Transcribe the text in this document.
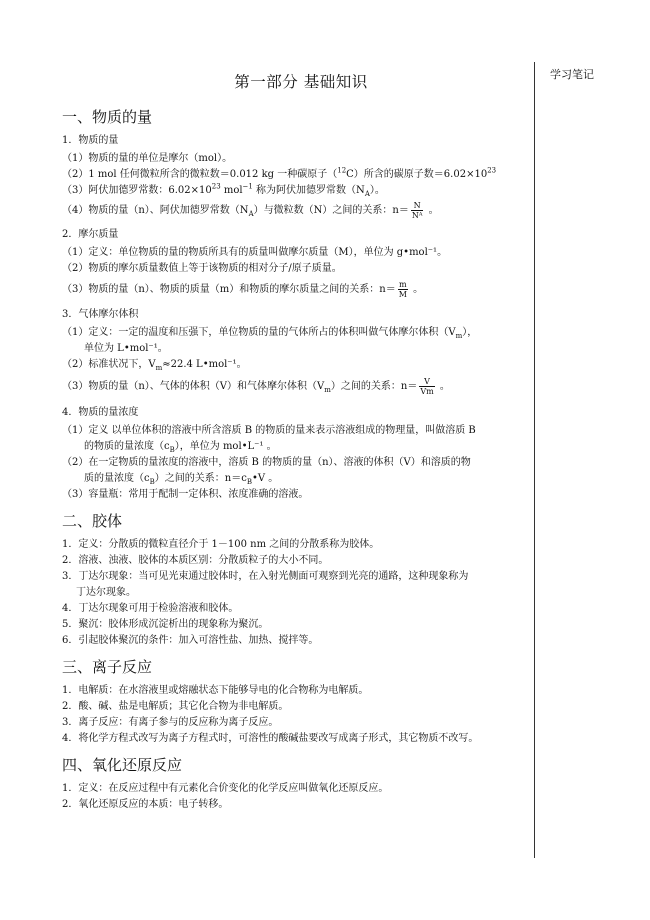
学习笔记
第一部分 基础知识
一、物质的量
1．物质的量
（1）物质的量的单位是摩尔（mol）。
（2）1 mol 任何微粒所含的微粒数＝0.012 kg 一种碳原子（$^{12}$C）所含的碳原子数$=6.02\times 10^{23}$
（3）阿伏加德罗常数：$6.02\times 10^{23}$ mol$^{-1}$ 称为阿伏加德罗常数$(N_A)$。
（4）物质的量（n）、阿伏加德罗常数$(N_A)$与微粒数（N）之间的关系：$n= \frac{N}{\text{Nᴬ}}$ 。
2．摩尔质量
（1）定义：单位物质的量的物质所具有的质量叫做摩尔质量（M），单位为 g•mol⁻¹。
（2）物质的摩尔质量数值上等于该物质的相对分子/原子质量。
（3）物质的量（n）、物质的质量（m）和物质的摩尔质量之间的关系：$n= \frac{m}{M}$ 。
3．气体摩尔体积
（1）定义：一定的温度和压强下，单位物质的量的气体所占的体积叫做气体摩尔体积$(V_m)$，
单位为 L•mol⁻¹。
（2）标准状况下，$V_m\approx 22.4$ L•mol⁻¹。
（3）物质的量（n）、气体的体积（V）和气体摩尔体积$(V_m)$之间的关系：$n= \frac{V}{Vm}$ 。
4．物质的量浓度
（1）定义 以单位体积的溶液中所含溶质 B 的物质的量来表示溶液组成的物理量，叫做溶质 B
的物质的量浓度$(c_B)$，单位为 mol•L⁻¹ 。
（2）在一定物质的量浓度的溶液中，溶质 B 的物质的量（n）、溶液的体积（V）和溶质的物
质的量浓度$(c_B)$之间的关系：$n=c_B•V$ 。
（3）容量瓶：常用于配制一定体积、浓度准确的溶液。
二、胶体
1．定义：分散质的微粒直径介于 1－100 nm 之间的分散系称为胶体。
2．溶液、浊液、胶体的本质区别：分散质粒子的大小不同。
3．丁达尔现象：当可见光束通过胶体时，在入射光侧面可观察到光亮的通路，这种现象称为
丁达尔现象。
4．丁达尔现象可用于检验溶液和胶体。
5．聚沉：胶体形成沉淀析出的现象称为聚沉。
6．引起胶体聚沉的条件：加入可溶性盐、加热、搅拌等。
三、离子反应
1．电解质：在水溶液里或熔融状态下能够导电的化合物称为电解质。
2．酸、碱、盐是电解质；其它化合物为非电解质。
3．离子反应：有离子参与的反应称为离子反应。
4．将化学方程式改写为离子方程式时，可溶性的酸碱盐要改写成离子形式，其它物质不改写。
四、氧化还原反应
1．定义：在反应过程中有元素化合价变化的化学反应叫做氧化还原反应。
2．氧化还原反应的本质：电子转移。
